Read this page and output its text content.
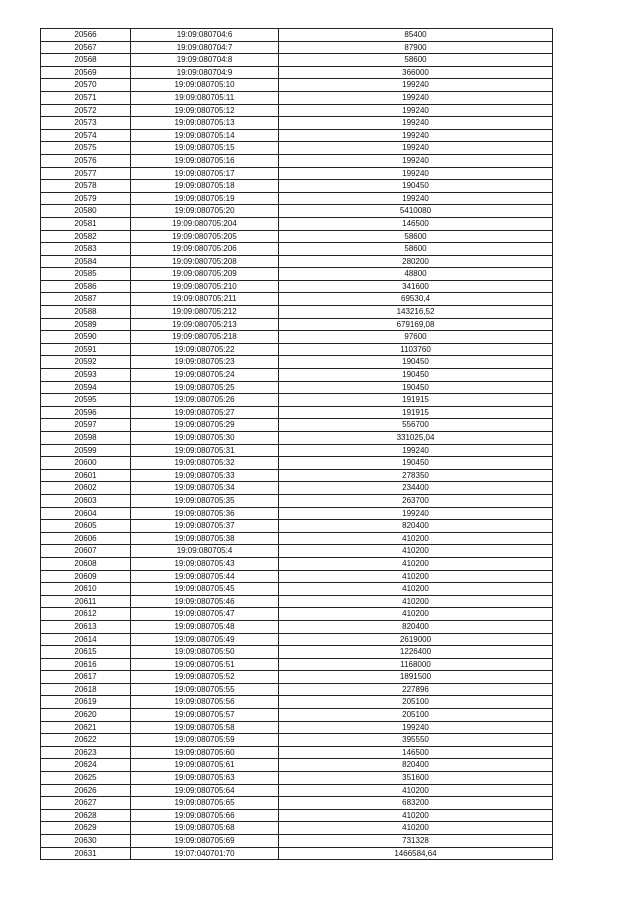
20566	19:09:080704:6	85400
20567	19:09:080704:7	87900
20568	19:09:080704:8	58600
20569	19:09:080704:9	366000
20570	19:09:080705:10	199240
20571	19:09:080705:11	199240
20572	19:09:080705:12	199240
20573	19:09:080705:13	199240
20574	19:09:080705:14	199240
20575	19:09:080705:15	199240
20576	19:09:080705:16	199240
20577	19:09:080705:17	199240
20578	19:09:080705:18	190450
20579	19:09:080705:19	199240
20580	19:09:080705:20	5410080
20581	19:09:080705:204	146500
20582	19:09:080705:205	58600
20583	19:09:080705:206	58600
20584	19:09:080705:208	280200
20585	19:09:080705:209	48800
20586	19:09:080705:210	341600
20587	19:09:080705:211	69530,4
20588	19:09:080705:212	143216,52
20589	19:09:080705:213	679169,08
20590	19:09:080705:218	97600
20591	19:09:080705:22	1103760
20592	19:09:080705:23	190450
20593	19:09:080705:24	190450
20594	19:09:080705:25	190450
20595	19:09:080705:26	191915
20596	19:09:080705:27	191915
20597	19:09:080705:29	556700
20598	19:09:080705:30	331025,04
20599	19:09:080705:31	199240
20600	19:09:080705:32	190450
20601	19:09:080705:33	278350
20602	19:09:080705:34	234400
20603	19:09:080705:35	263700
20604	19:09:080705:36	199240
20605	19:09:080705:37	820400
20606	19:09:080705:38	410200
20607	19:09:080705:4	410200
20608	19:09:080705:43	410200
20609	19:09:080705:44	410200
20610	19:09:080705:45	410200
20611	19:09:080705:46	410200
20612	19:09:080705:47	410200
20613	19:09:080705:48	820400
20614	19:09:080705:49	2619000
20615	19:09:080705:50	1226400
20616	19:09:080705:51	1168000
20617	19:09:080705:52	1891500
20618	19:09:080705:55	227896
20619	19:09:080705:56	205100
20620	19:09:080705:57	205100
20621	19:09:080705:58	199240
20622	19:09:080705:59	395550
20623	19:09:080705:60	146500
20624	19:09:080705:61	820400
20625	19:09:080705:63	351600
20626	19:09:080705:64	410200
20627	19:09:080705:65	683200
20628	19:09:080705:66	410200
20629	19:09:080705:68	410200
20630	19:09:080705:69	731328
20631	19:07:040701:70	1466584,64
